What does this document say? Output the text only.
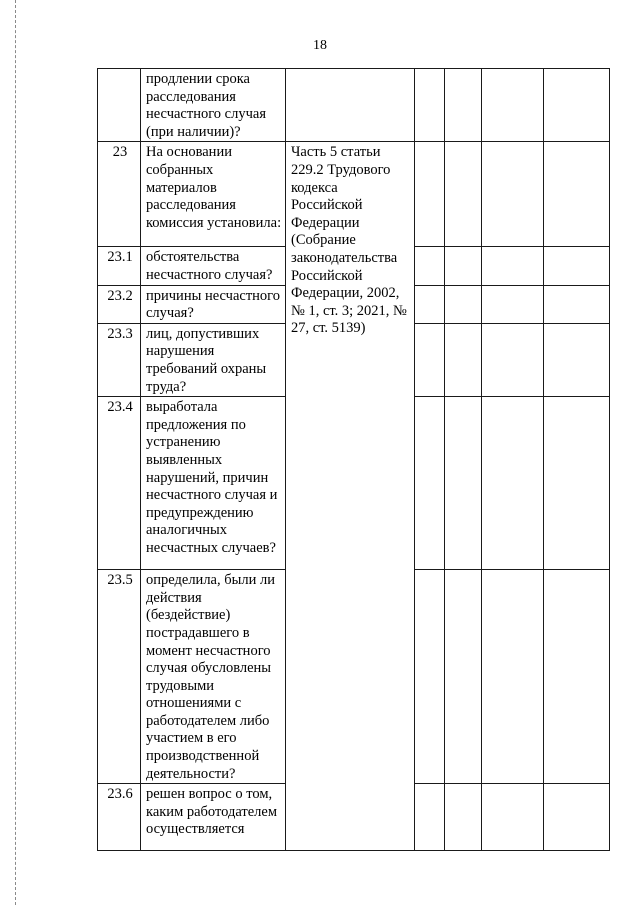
18
	продлении срока расследования несчастного случая (при наличии)?					
23	На основании собранных материалов расследования комиссия установила:	Часть 5 статьи 229.2 Трудового кодекса Российской Федерации (Собрание законодательства Российской Федерации, 2002, № 1, ст. 3; 2021, № 27, ст. 5139)				
23.1	обстоятельства несчастного случая?					
23.2	причины несчастного случая?					
23.3	лиц, допустивших нарушения требований охраны труда?					
23.4	выработала предложения по устранению выявленных нарушений, причин несчастного случая и предупреждению аналогичных несчастных случаев?					
23.5	определила, были ли действия (бездействие) пострадавшего в момент несчастного случая обусловлены трудовыми отношениями с работодателем либо участием в его производственной деятельности?					
23.6	решен вопрос о том, каким работодателем осуществляется					
